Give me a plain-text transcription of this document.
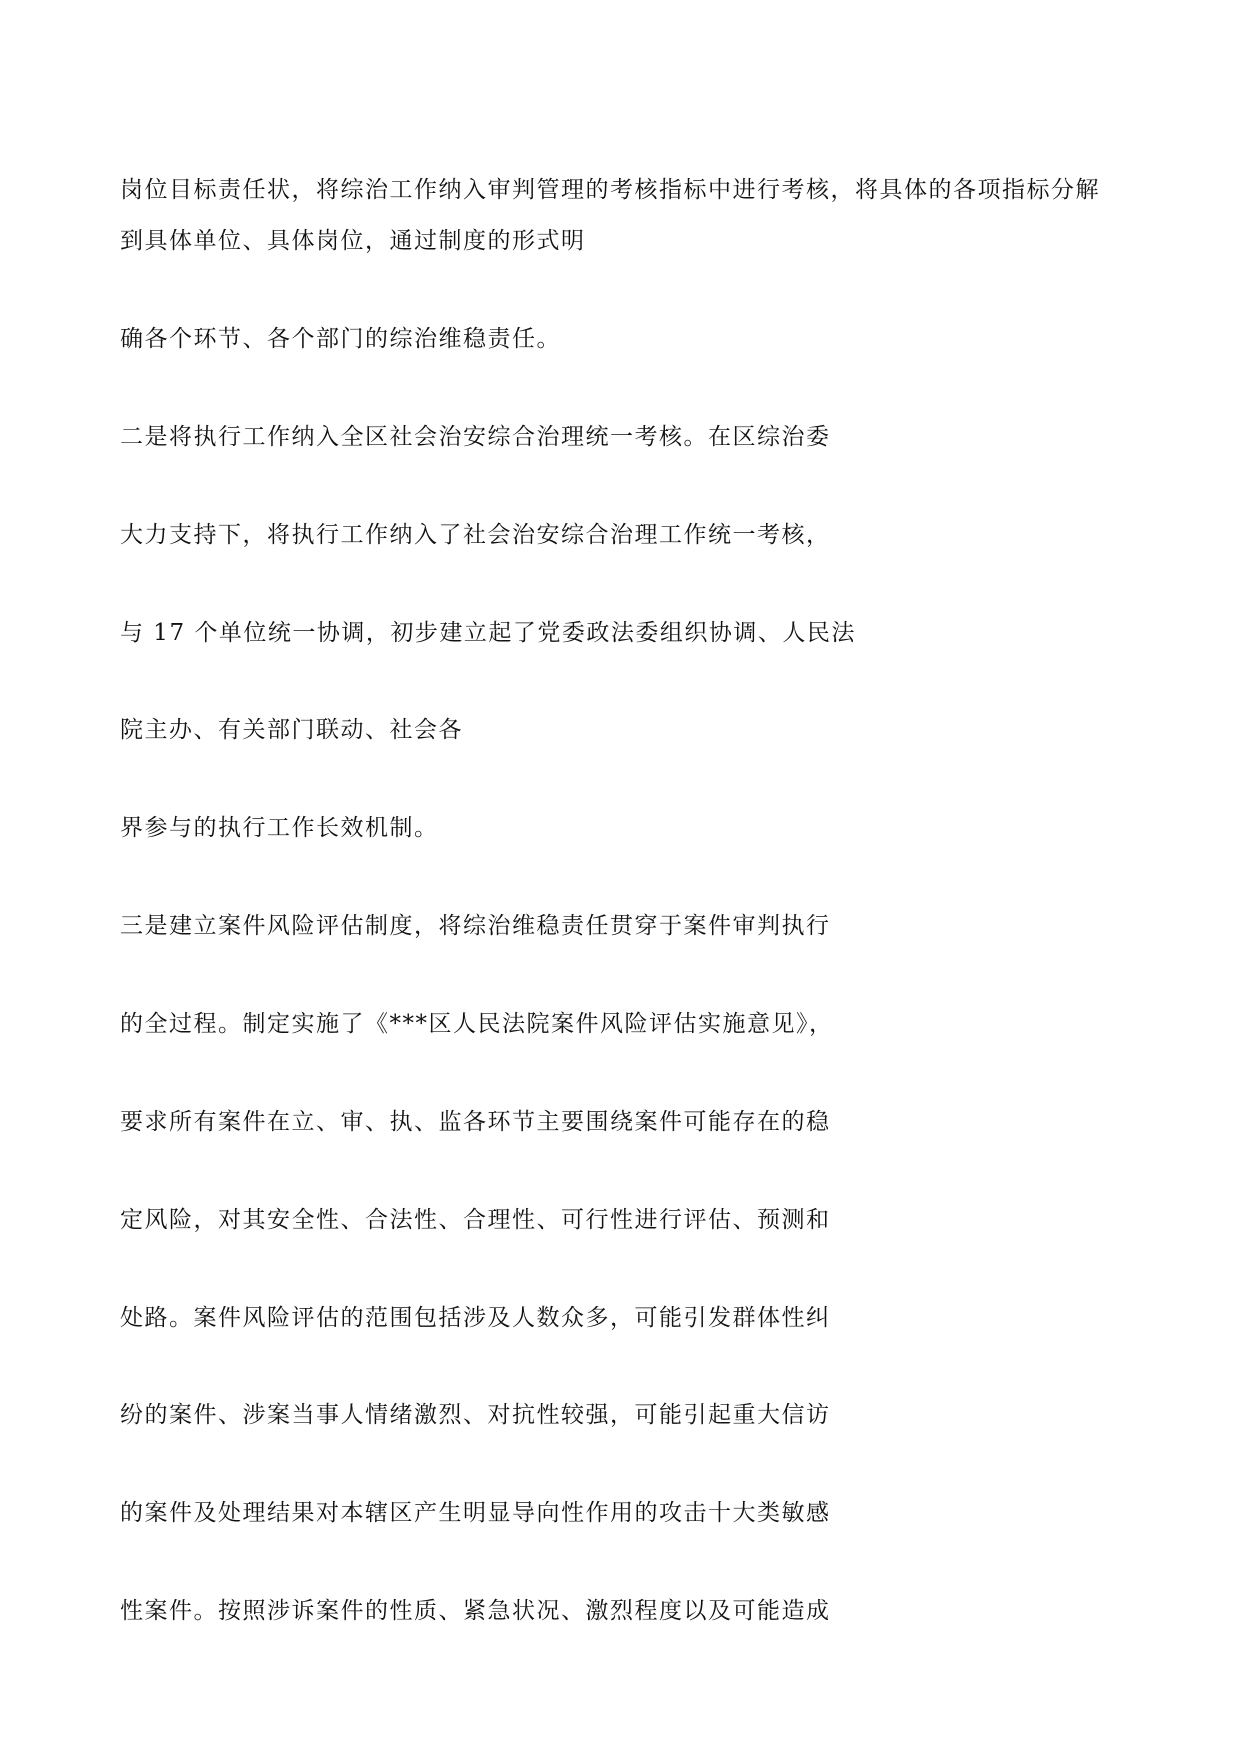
岗位目标责任状，将综治工作纳入审判管理的考核指标中进行考核，将具体的各项指标分解

到具体单位、具体岗位，通过制度的形式明

确各个环节、各个部门的综治维稳责任。

二是将执行工作纳入全区社会治安综合治理统一考核。在区综治委

大力支持下，将执行工作纳入了社会治安综合治理工作统一考核，

与 17 个单位统一协调，初步建立起了党委政法委组织协调、人民法

院主办、有关部门联动、社会各

界参与的执行工作长效机制。

三是建立案件风险评估制度，将综治维稳责任贯穿于案件审判执行

的全过程。制定实施了《***区人民法院案件风险评估实施意见》，

要求所有案件在立、审、执、监各环节主要围绕案件可能存在的稳

定风险，对其安全性、合法性、合理性、可行性进行评估、预测和

处路。案件风险评估的范围包括涉及人数众多，可能引发群体性纠

纷的案件、涉案当事人情绪激烈、对抗性较强，可能引起重大信访

的案件及处理结果对本辖区产生明显导向性作用的攻击十大类敏感

性案件。按照涉诉案件的性质、紧急状况、激烈程度以及可能造成
